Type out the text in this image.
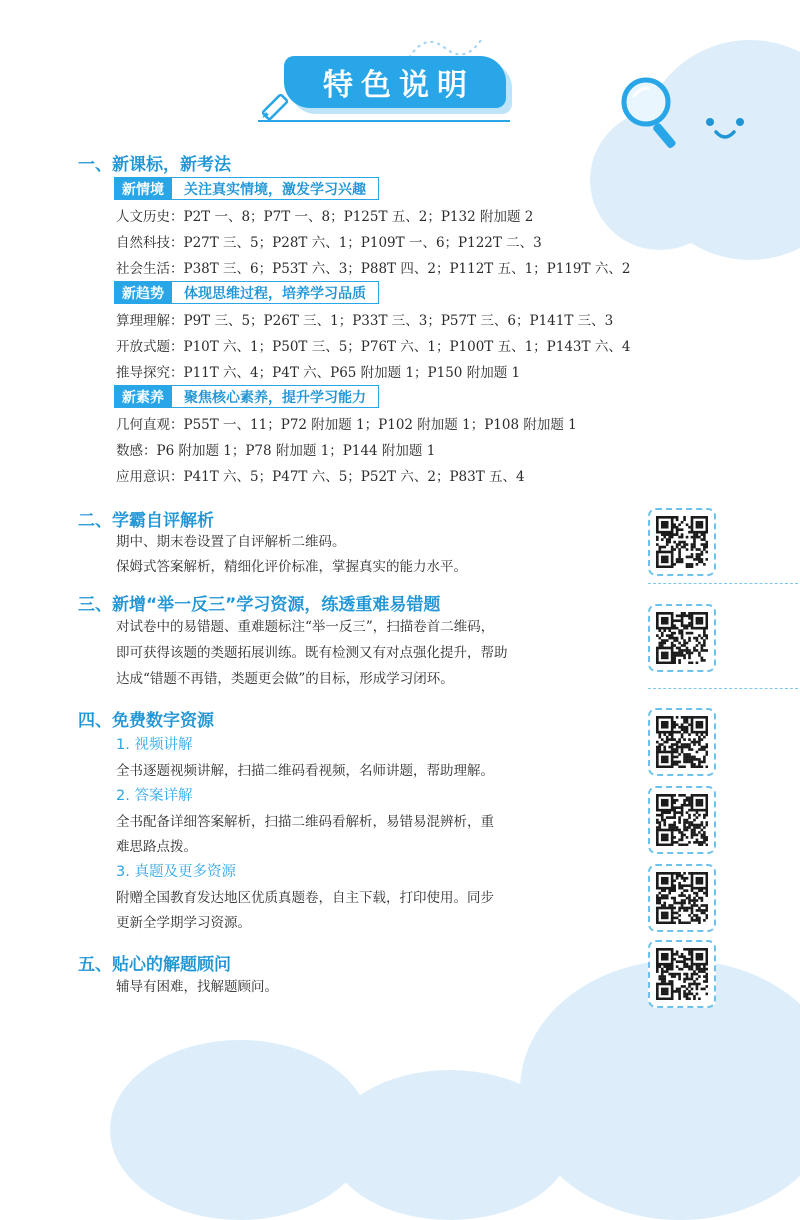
特色说明
一、新课标，新考法
新情境	关注真实情境，激发学习兴趣
人文历史：P2T 一、8；P7T 一、8；P125T 五、2；P132 附加题 2
自然科技：P27T 三、5；P28T 六、1；P109T 一、6；P122T 二、3
社会生活：P38T 三、6；P53T 六、3；P88T 四、2；P112T 五、1；P119T 六、2
新趋势	体现思维过程，培养学习品质
算理理解：P9T 三、5；P26T 三、1；P33T 三、3；P57T 三、6；P141T 三、3
开放式题：P10T 六、1；P50T 三、5；P76T 六、1；P100T 五、1；P143T 六、4
推导探究：P11T 六、4；P4T 六、P65 附加题 1；P150 附加题 1
新素养	聚焦核心素养，提升学习能力
几何直观：P55T 一、11；P72 附加题 1；P102 附加题 1；P108 附加题 1
数感：P6 附加题 1；P78 附加题 1；P144 附加题 1
应用意识：P41T 六、5；P47T 六、5；P52T 六、2；P83T 五、4
二、学霸自评解析
期中、期末卷设置了自评解析二维码。
保姆式答案解析，精细化评价标准，掌握真实的能力水平。
三、新增“举一反三”学习资源，练透重难易错题
对试卷中的易错题、重难题标注“举一反三”，扫描卷首二维码，
即可获得该题的类题拓展训练。既有检测又有对点强化提升，帮助
达成“错题不再错，类题更会做”的目标，形成学习闭环。
四、免费数字资源
1. 视频讲解
全书逐题视频讲解，扫描二维码看视频，名师讲题，帮助理解。
2. 答案详解
全书配备详细答案解析，扫描二维码看解析，易错易混辨析，重
难思路点拨。
3. 真题及更多资源
附赠全国教育发达地区优质真题卷，自主下载，打印使用。同步
更新全学期学习资源。
五、贴心的解题顾问
辅导有困难，找解题顾问。
